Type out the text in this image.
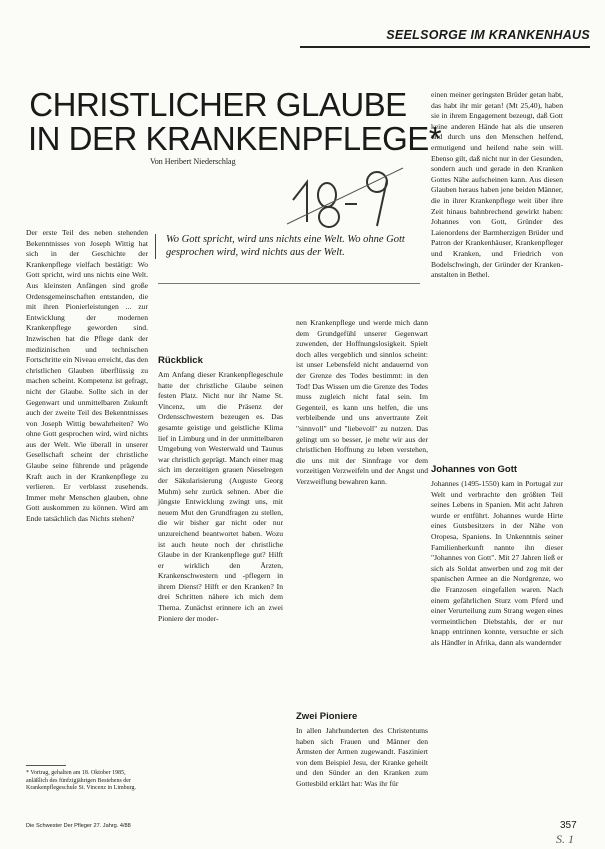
SEELSORGE IM KRANKENHAUS
CHRISTLICHER GLAUBE
IN DER KRANKENPFLEGE*
Von Heribert Niederschlag

Der erste Teil des neben stehenden Bekenntnisses von Joseph Wittig hat sich in der Geschichte der Krankenpflege vielfach bestätigt: Wo Gott spricht, wird uns nichts eine Welt. Aus kleinsten Anfängen sind große Ordensgemeinschaften entstanden, die mit ihren Pionierleistungen ... zur Entwicklung der modernen Krankenpflege geworden sind. Inzwischen hat die Pflege dank der medizinischen und technischen Fortschritte ein Niveau erreicht, das den christlichen Glauben überflüssig zu machen scheint. Kompetenz ist gefragt, nicht der Glaube. Sollte sich in der Gegenwart und unmittelbaren Zukunft auch der zweite Teil des Bekenntnisses von Joseph Wittig bewahrheiten? Wo ohne Gott gesprochen wird, wird nichts aus der Welt. Wie überall in unserer Gesellschaft scheint der christliche Glaube seine führende und prägende Kraft auch in der Krankenpflege zu verlieren. Er verblasst zusehends. Immer mehr Menschen glauben, ohne Gott auskommen zu können. Wird am Ende tatsächlich das Nichts stehen?

Wo Gott spricht, wird uns nichts eine Welt. Wo ohne Gott gesprochen wird, wird nichts aus der Welt.

Rückblick

Am Anfang dieser Krankenpflegeschule hatte der christliche Glaube seinen festen Platz. Nicht nur ihr Name St. Vincenz, um die Präsenz der Ordensschwestern bezeugen es. Das gesamte geistige und geistliche Klima lief in Limburg und in der unmittelbaren Umgebung von Westerwald und Taunus war christlich geprägt. Manch einer mag sich im derzeitigen grauen Nieselregen der Säkularisierung (Auguste Georg Muhm) sehr zurück sehnen. Aber die jüngste Entwicklung zwingt uns, mit neuem Mut den Grundfragen zu stellen, die wir bisher gar nicht oder nur unzureichend beantwortet haben. Wozu ist auch heute noch der christliche Glaube in der Krankenpflege gut? Hilft er wirklich den Ärzten, Krankenschwestern und -pflegern in ihrem Dienst? Hilft er den Kranken? In drei Schritten nähere ich mich dem Thema. Zunächst erinnere ich an zwei Pioniere der moder-

nen Krankenpflege und werde mich dann dem Grundgefühl unserer Gegenwart zuwenden, der Hoffnungslosigkeit. Spielt doch alles vergeblich und sinnlos scheint: ist unser Lebensfeld nicht andauernd von der Grenze des Todes bestimmt: in den Tod! Das Wissen um die Grenze des Todes muss zugleich nicht fatal sein. Im Gegenteil, es kann uns helfen, die uns verbleibende und uns anvertraute Zeit "sinnvoll" und "liebevoll" zu nutzen. Das gelingt um so besser, je mehr wir aus der christlichen Hoffnung zu leben verstehen, die uns mit der Sinnfrage vor dem vorzeitigen Verzweifeln und der Angst und Verzweiflung bewahren kann.

Zwei Pioniere

In allen Jahrhunderten des Christentums haben sich Frauen und Männer den Ärmsten der Armen zugewandt. Fasziniert von dem Beispiel Jesu, der Kranke geheilt und den Sünder an den Kranken zum Gottesbild erklärt hat: Was ihr für

einen meiner geringsten Brüder getan habt, das habt ihr mir getan! (Mt 25,40), haben sie in ihrem Engagement bezeugt, daß Gott keine anderen Hände hat als die unseren und durch uns den Menschen helfend, ermutigend und heilend nahe sein will. Ebenso gilt, daß nicht nur in der Gesunden, sondern auch und gerade in den Kranken Gottes Nähe aufscheinen kann. Aus diesen Glauben heraus haben jene beiden Männer, die in ihrer Krankenpflege weit über ihre Zeit hinaus bahnbrechend gewirkt haben: Johannes von Gott, Gründer des Laienordens der Barmherzigen Brüder und Patron der Krankenhäuser, Krankenpfleger und Kranken, und Friedrich von Bodelschwingh, der Gründer der Kranken-anstalten in Bethel.

Johannes von Gott

Johannes (1495-1550) kam in Portugal zur Welt und verbrachte den größten Teil seines Lebens in Spanien. Mit acht Jahren wurde er entführt. Johannes wurde Hirte eines Gutsbesitzers in der Nähe von Oropesa, Spaniens. In Unkenntnis seiner Familienherkunft nannte ihn dieser "Johannes von Gott". Mit 27 Jahren ließ er sich als Soldat anwerben und zog mit der spanischen Armee an die Nordgrenze, wo die Franzosen eingefallen waren. Nach einem gefährlichen Sturz vom Pferd und einer Verurteilung zum Strang wegen eines vermeintlichen Diebstahls, der er nur knapp entrinnen konnte, versuchte er sich als Händler in Afrika, dann als wandernder

* Vortrag, gehalten am 18. Oktober 1985, anläßlich des fünfzigjährigen Bestehens der Krankenpflegeschule St. Vincenz in Limburg.
Die Schwester Der Pfleger 27. Jahrg. 4/88	357
S. 1
